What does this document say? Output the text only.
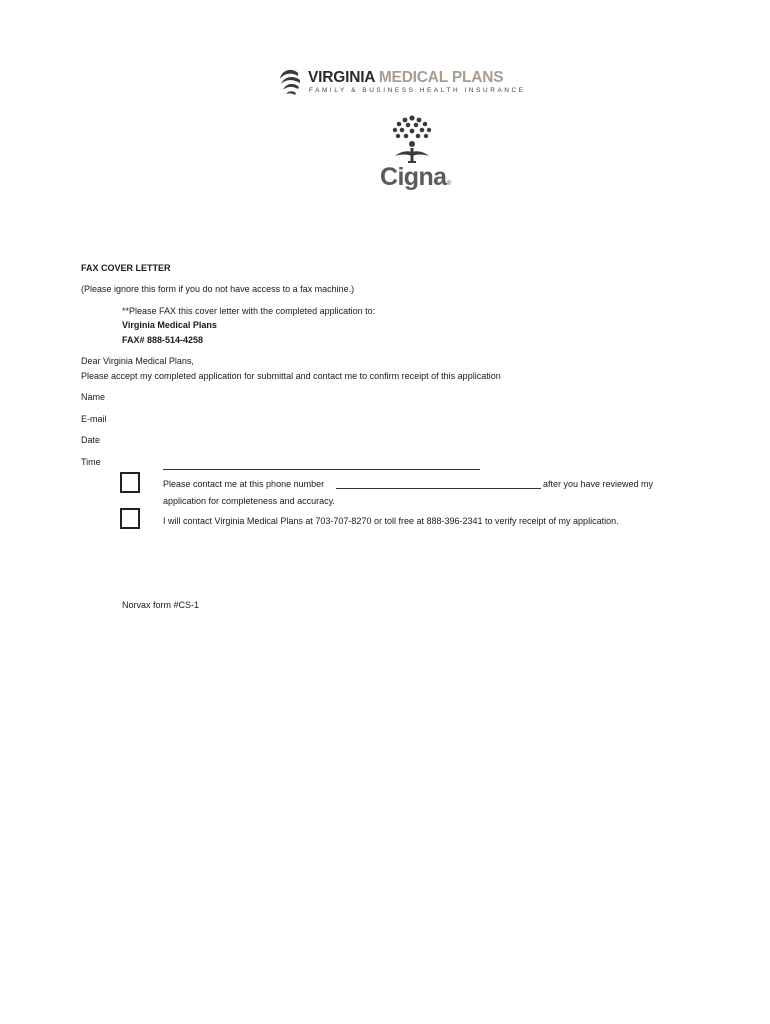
VIRGINIA MEDICAL PLANS
FAMILY & BUSINESS HEALTH INSURANCE
Cigna ®
FAX COVER LETTER
(Please ignore this form if you do not have access to a fax machine.)
**Please FAX this cover letter with the completed application to:
Virginia Medical Plans
FAX# 888-514-4258
Dear Virginia Medical Plans,
Please accept my completed application for submittal and contact me to confirm receipt of this application
Name
E-mail
Date
Time
Please contact me at this phone number	after you have reviewed my
application for completeness and accuracy.
I will contact Virginia Medical Plans at 703-707-8270 or toll free at 888-396-2341 to verify receipt of my application.
Norvax form #CS-1
